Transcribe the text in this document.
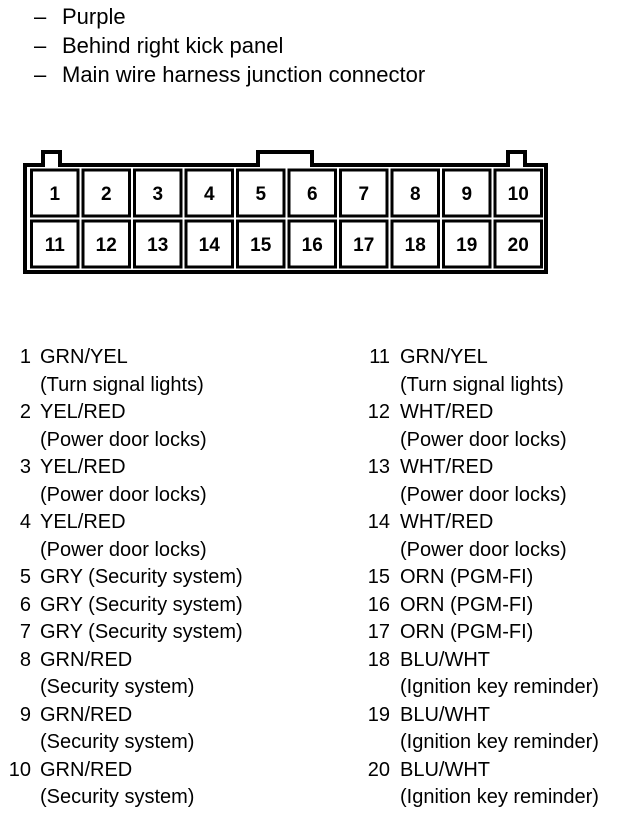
– Purple
– Behind right kick panel
– Main wire harness junction connector
1 2 3 4 5 6 7 8 9 10
11 12 13 14 15 16 17 18 19 20
1 GRN/YEL
(Turn signal lights)
2 YEL/RED
(Power door locks)
3 YEL/RED
(Power door locks)
4 YEL/RED
(Power door locks)
5 GRY (Security system)
6 GRY (Security system)
7 GRY (Security system)
8 GRN/RED
(Security system)
9 GRN/RED
(Security system)
10 GRN/RED
(Security system)
11 GRN/YEL
(Turn signal lights)
12 WHT/RED
(Power door locks)
13 WHT/RED
(Power door locks)
14 WHT/RED
(Power door locks)
15 ORN (PGM-FI)
16 ORN (PGM-FI)
17 ORN (PGM-FI)
18 BLU/WHT
(Ignition key reminder)
19 BLU/WHT
(Ignition key reminder)
20 BLU/WHT
(Ignition key reminder)
